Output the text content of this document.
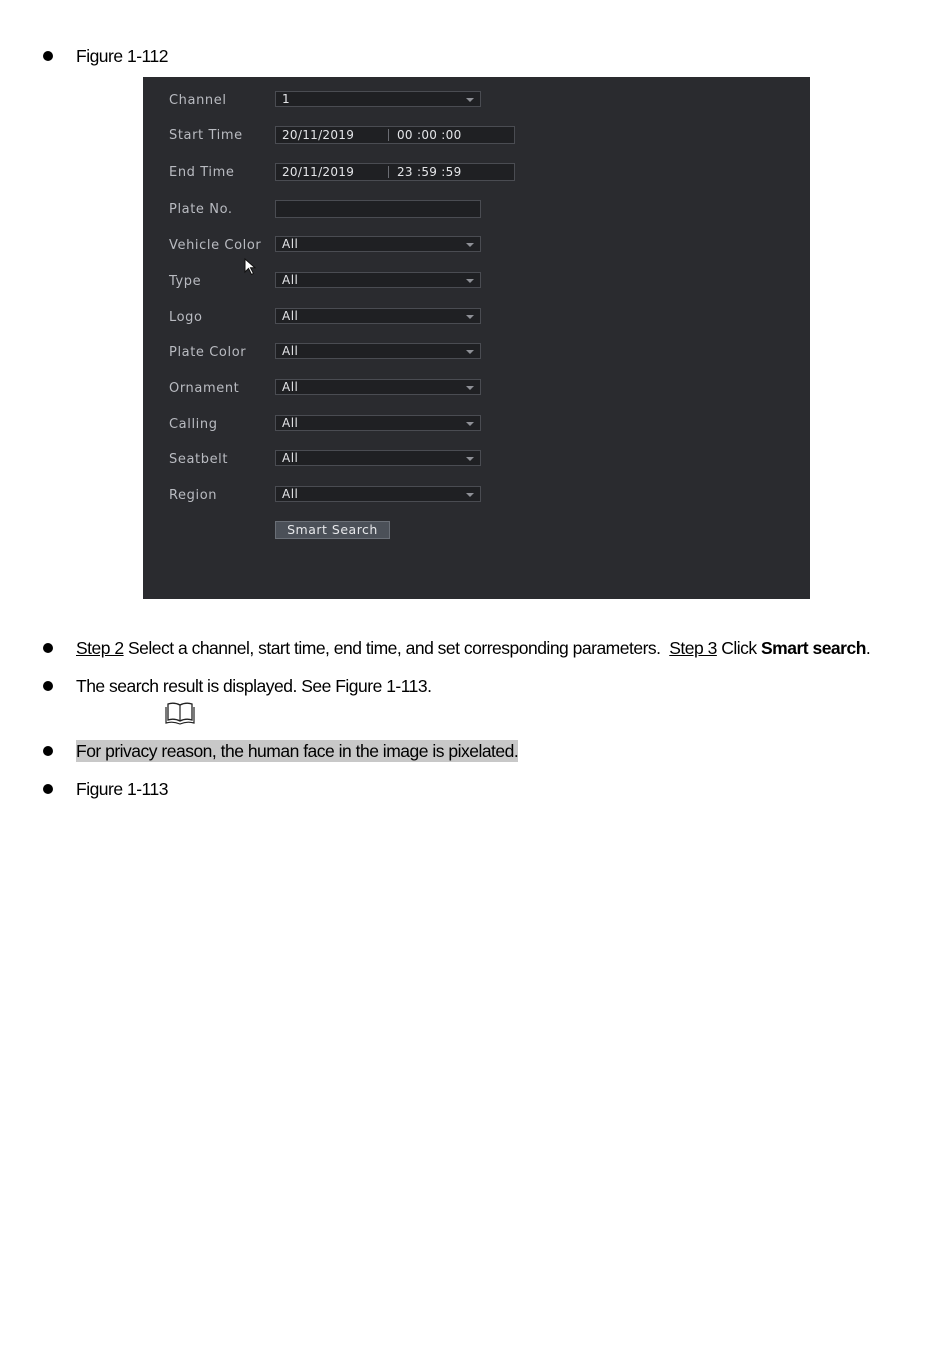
Figure 1-112
Channel	1
Start Time	20/11/2019	00 :00 :00
End Time	20/11/2019	23 :59 :59
Plate No.
Vehicle Color All
Type	All
Logo	All
Plate Color	All
Ornament	All
Calling	All
Seatbelt	All
Region	All
Smart Search
Step 2 Select a channel, start time, end time, and set corresponding parameters.  Step 3 Click Smart search.
The search result is displayed. See Figure 1-113.
For privacy reason, the human face in the image is pixelated.
Figure 1-113
